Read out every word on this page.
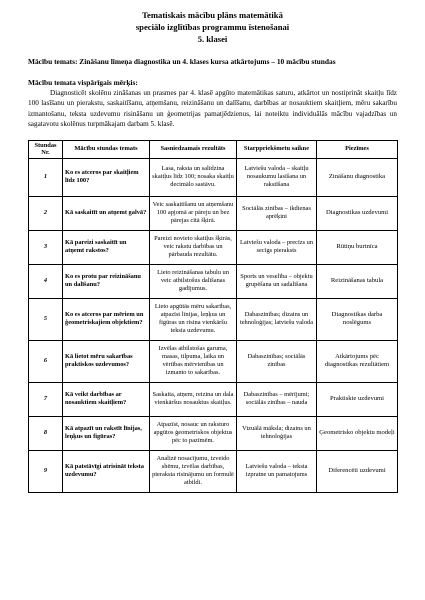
Tematiskais mācību plāns matemātikā
speciālo izglītības programmu īstenošanai
5. klasei
Mācību temats: Zināšanu līmeņa diagnostika un 4. klases kursa atkārtojums – 10 mācību stundas
Mācību temata vispārīgais mērķis:
Diagnosticēt skolēnu zināšanas un prasmes par 4. klasē apgūto matemātikas saturu, atkārtot un nostiprināt skaitļu līdz 100 lasīšanu un pierakstu, saskaitīšanu, atņemšanu, reizināšanu un dalīšanu, darbības ar nosauktiem skaitļiem, mēru sakarību izmantošanu, teksta uzdevumu risināšanu un ģeometrijas pamatjēdzienus, lai noteiktu individuālās mācību vajadzības un sagatavotu skolēnus turpmākajam darbam 5. klasē.
Stundas Nr.	Mācību stundas temats	Sasniedzamais rezultāts	Starppriekšmetu saikne	Piezīmes
1	Ko es atceros par skaitļiem līdz 100?	Lasa, raksta un salīdzina skaitļus līdz 100; nosaka skaitļu decimālo sastāvu.	Latviešu valoda – skaitļu nosaukumu lasīšana un rakstīšana	Zināšanu diagnostika
2	Kā saskaitīt un atņemt galvā?	Veic saskaitīšanu un atņemšanu 100 apjomā ar pāreju un bez pārejas citā šķirā.	Sociālās zinības – ikdienas aprēķini	Diagnostikas uzdevumi
3	Kā pareizi saskaitīt un atņemt rakstos?	Pareizi novieto skaitļus šķirās, veic rakstu darbības un pārbauda rezultātu.	Latviešu valoda – precīzs un secīgs pieraksts	Rūtiņu burtnīca
4	Ko es protu par reizināšanu un dalīšanu?	Lieto reizināšanas tabulu un veic atbilstošus dalīšanas gadījumus.	Sports un veselība – objektu grupēšana un sadalīšana	Reizināšanas tabula
5	Ko es atceros par mēriem un ģeometriskajiem objektiem?	Lieto apgūtās mēru sakarības, atpazīst līnijas, leņķus un figūras un risina vienkāršu teksta uzdevumu.	Dabaszinības; dizains un tehnoloģijas; latviešu valoda	Diagnostikas darba noslēgums
6	Kā lietot mēru sakarības praktiskos uzdevumos?	Izvēlas atbilstošas garuma, masas, tilpuma, laika un vērtības mērvienības un izmanto to sakarības.	Dabaszinības; sociālās zinības	Atkārtojums pēc diagnostikas rezultātiem
7	Kā veikt darbības ar nosauktiem skaitļiem?	Saskaita, atņem, reizina un dala vienkāršus nosauktus skaitļus.	Dabaszinības – mērījumi; sociālās zinības – nauda	Praktiskie uzdevumi
8	Kā atpazīt un rakstīt līnijas, leņķus un figūras?	Atpazīst, nosauc un raksturo apgūtos ģeometriskos objektus pēc to pazīmēm.	Vizuālā māksla; dizains un tehnoloģijas	Ģeometrisko objektu modeļi
9	Kā patstāvīgi atrisināt teksta uzdevumu?	Analizē nosacījumu, izveido shēmu, izvēlas darbības, pieraksta risinājumu un formulē atbildi.	Latviešu valoda – teksta izpratne un pamatojums	Diferencēti uzdevumi
